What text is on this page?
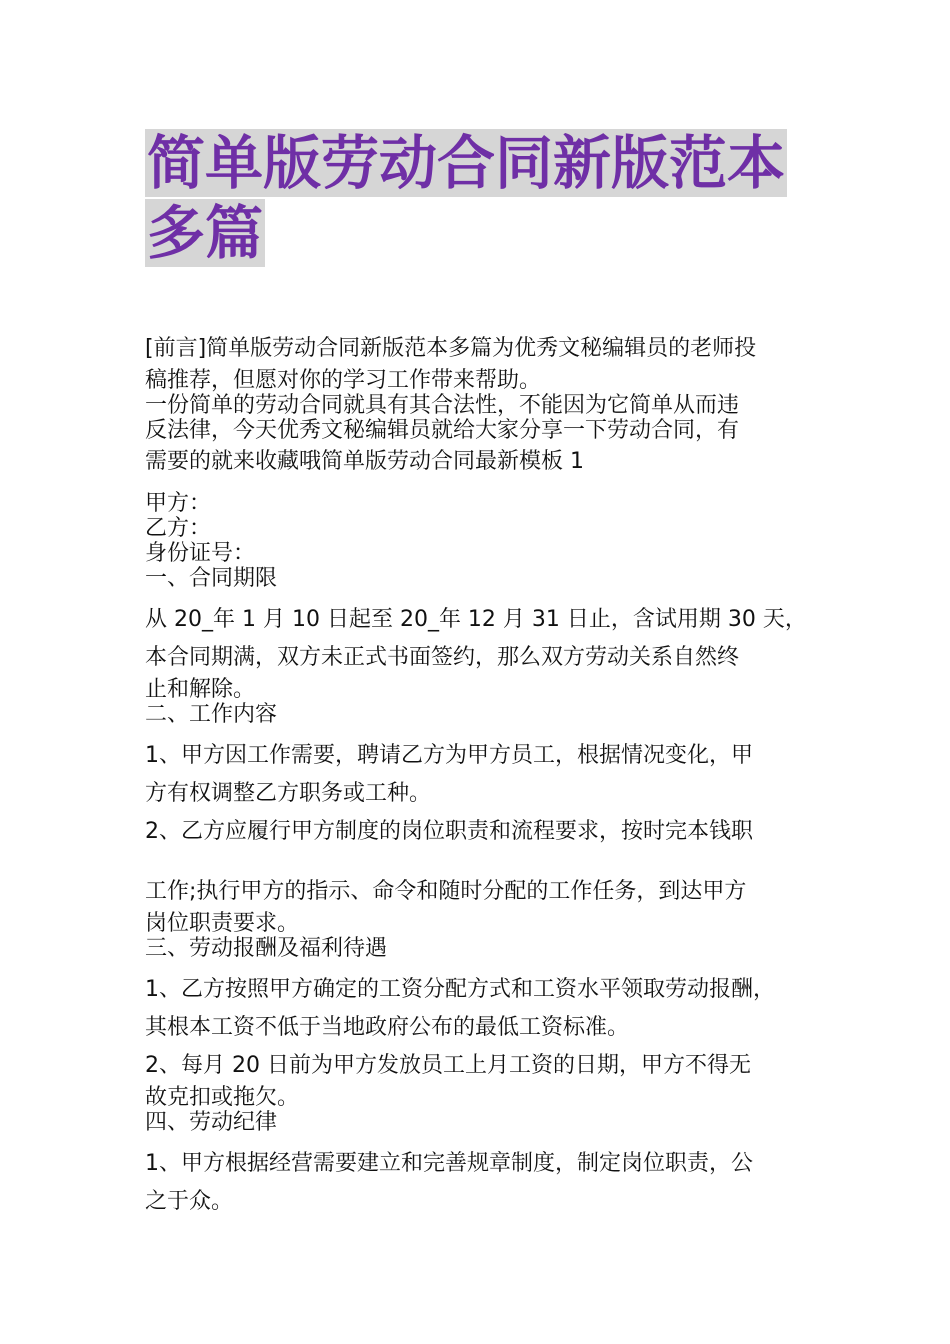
简单版劳动合同新版范本
多篇

[前言]简单版劳动合同新版范本多篇为优秀文秘编辑员的老师投

稿推荐，但愿对你的学习工作带来帮助。

一份简单的劳动合同就具有其合法性，不能因为它简单从而违

反法律，今天优秀文秘编辑员就给大家分享一下劳动合同，有

需要的就来收藏哦简单版劳动合同最新模板 1

甲方：

乙方：

身份证号：

一、合同期限

从 20_年 1 月 10 日起至 20_年 12 月 31 日止，含试用期 30 天，

本合同期满，双方未正式书面签约，那么双方劳动关系自然终

止和解除。

二、工作内容

1、甲方因工作需要，聘请乙方为甲方员工，根据情况变化，甲

方有权调整乙方职务或工种。

2、乙方应履行甲方制度的岗位职责和流程要求，按时完本钱职

工作;执行甲方的指示、命令和随时分配的工作任务，到达甲方

岗位职责要求。

三、劳动报酬及福利待遇

1、乙方按照甲方确定的工资分配方式和工资水平领取劳动报酬，

其根本工资不低于当地政府公布的最低工资标准。

2、每月 20 日前为甲方发放员工上月工资的日期，甲方不得无

故克扣或拖欠。

四、劳动纪律

1、甲方根据经营需要建立和完善规章制度，制定岗位职责，公

之于众。
